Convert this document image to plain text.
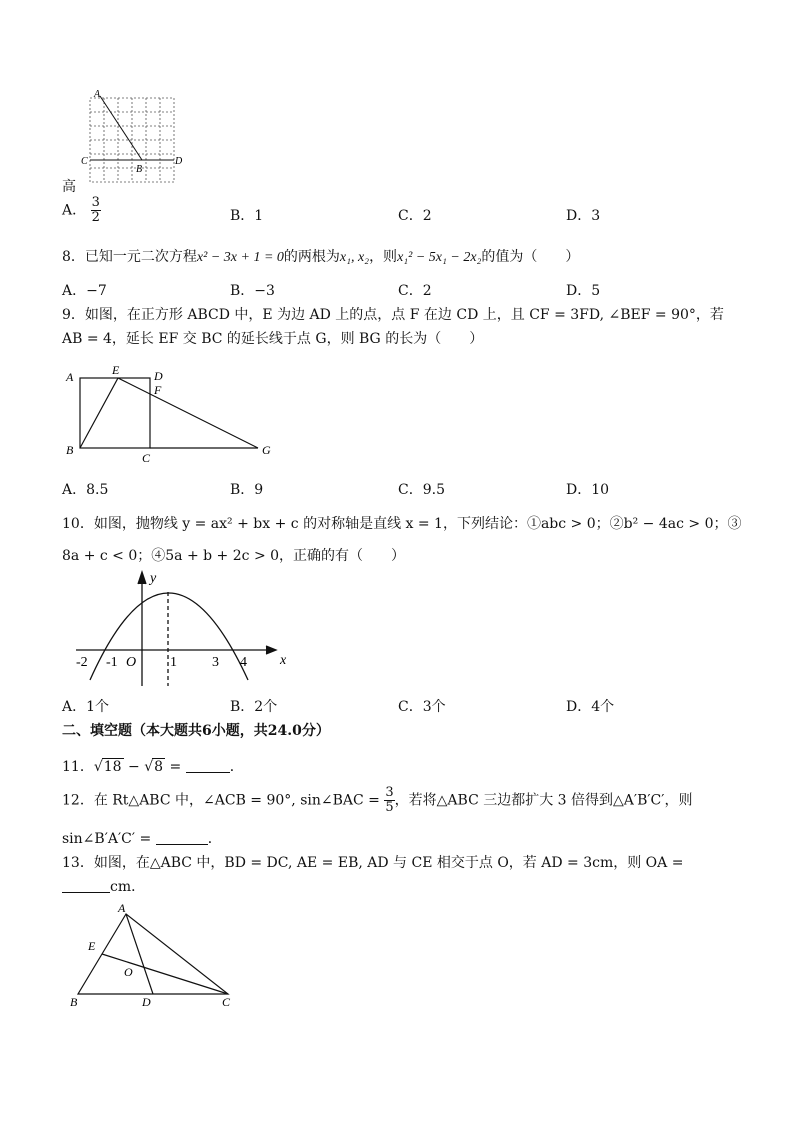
A
C	D
B
高
A． $\frac{3}{2}$	B．1	C．2	D．3
8．已知一元二次方程x² − 3x + 1 = 0的两根为x₁, x₂，则x₁² − 5x₁ − 2x₂的值为（　　）
A．−7	B．−3	C．2	D．5
9．如图，在正方形 ABCD 中，E 为边 AD 上的点，点 F 在边 CD 上，且 CF = 3FD, ∠BEF = 90°，若
AB = 4，延长 EF 交 BC 的延长线于点 G，则 BG 的长为（　　）
A	E	D
F
B
C
G
A．8.5	B．9	C．9.5	D．10
10．如图，抛物线 y = ax² + bx + c 的对称轴是直线 x = 1，下列结论：①abc > 0；②b² − 4ac > 0；③
8a + c < 0；④5a + b + 2c > 0，正确的有（　　）
y
x
-2 -1 O 1	3 4
A．1个	B．2个	C．3个	D．4个
二、填空题（本大题共6小题，共24.0分）
11．√18 − √8 =	．
12．在 Rt△ABC 中，∠ACB = 90°, sin∠BAC = $\frac{3}{5}$ ，若将△ABC 三边都扩大 3 倍得到△A′B′C′，则
sin∠B′A′C′ =	．
13．如图，在△ABC 中，BD = DC, AE = EB, AD 与 CE 相交于点 O，若 AD = 3cm，则 OA =
cm．
A
E
O
B	D	C
